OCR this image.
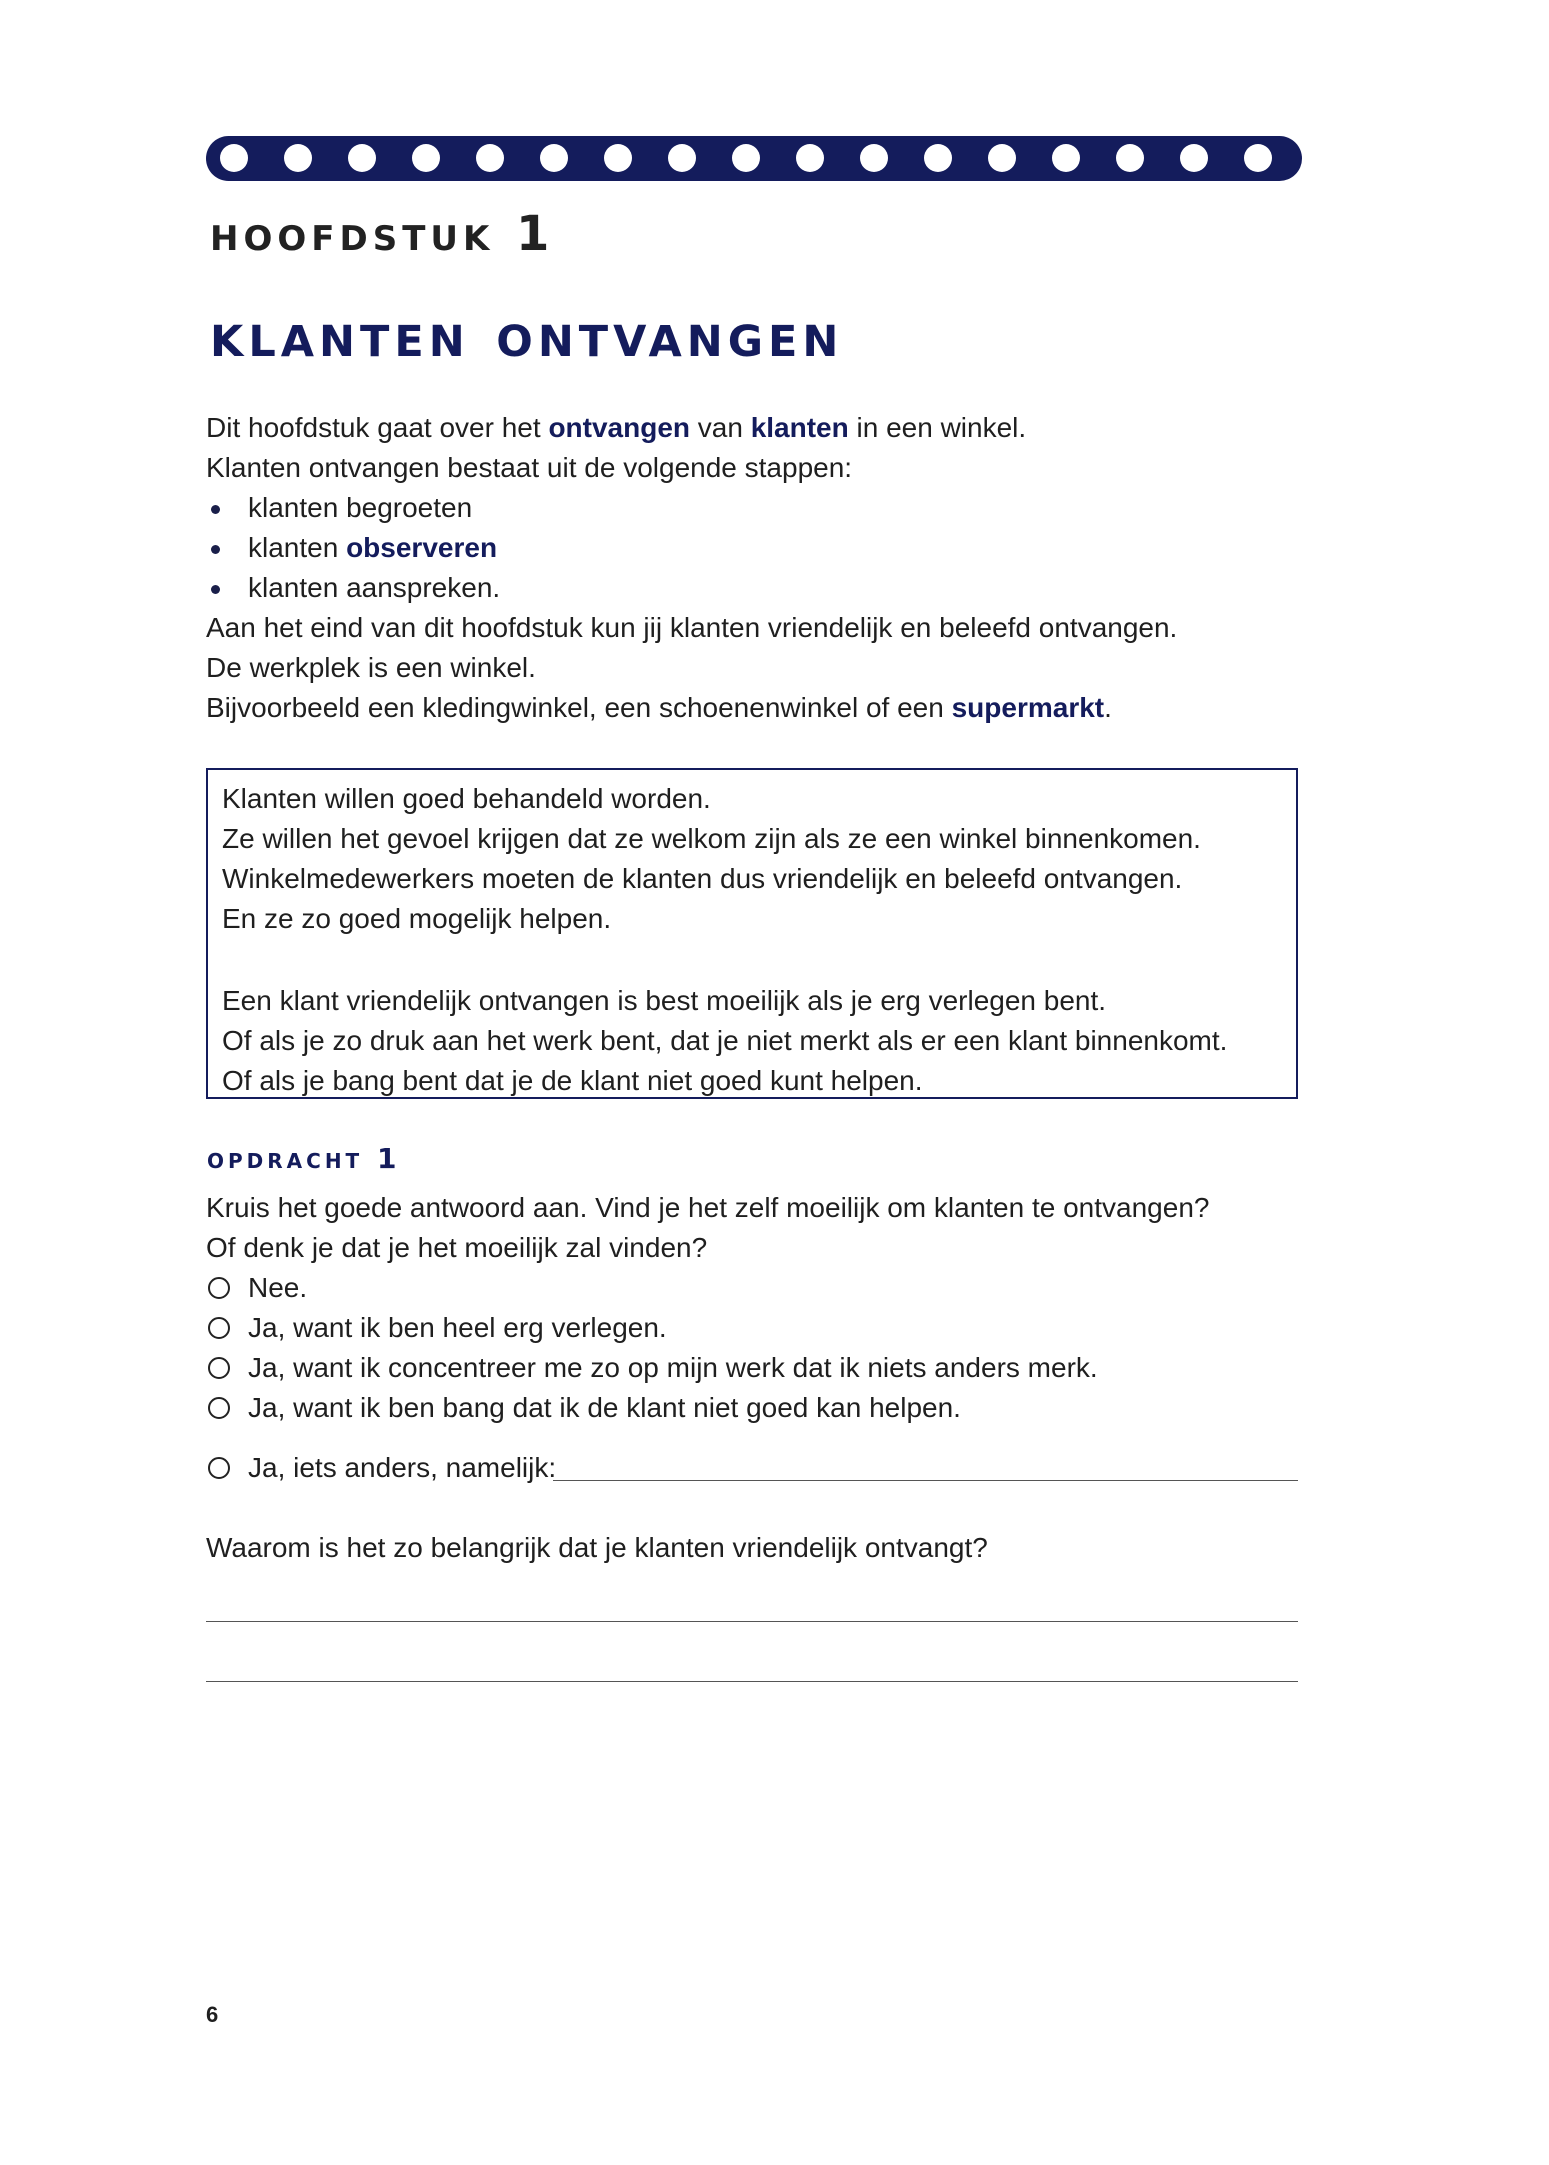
hoofdstuk 1
klanten ontvangen
Dit hoofdstuk gaat over het ontvangen van klanten in een winkel.
Klanten ontvangen bestaat uit de volgende stappen:
klanten begroeten
klanten observeren
klanten aanspreken.
Aan het eind van dit hoofdstuk kun jij klanten vriendelijk en beleefd ontvangen.
De werkplek is een winkel.
Bijvoorbeeld een kledingwinkel, een schoenenwinkel of een supermarkt.
Klanten willen goed behandeld worden.
Ze willen het gevoel krijgen dat ze welkom zijn als ze een winkel binnenkomen.
Winkelmedewerkers moeten de klanten dus vriendelijk en beleefd ontvangen.
En ze zo goed mogelijk helpen.
Een klant vriendelijk ontvangen is best moeilijk als je erg verlegen bent.
Of als je zo druk aan het werk bent, dat je niet merkt als er een klant binnenkomt.
Of als je bang bent dat je de klant niet goed kunt helpen.
opdracht 1
Kruis het goede antwoord aan. Vind je het zelf moeilijk om klanten te ontvangen?
Of denk je dat je het moeilijk zal vinden?
Nee.
Ja, want ik ben heel erg verlegen.
Ja, want ik concentreer me zo op mijn werk dat ik niets anders merk.
Ja, want ik ben bang dat ik de klant niet goed kan helpen.
Ja, iets anders, namelijk:
Waarom is het zo belangrijk dat je klanten vriendelijk ontvangt?
6
